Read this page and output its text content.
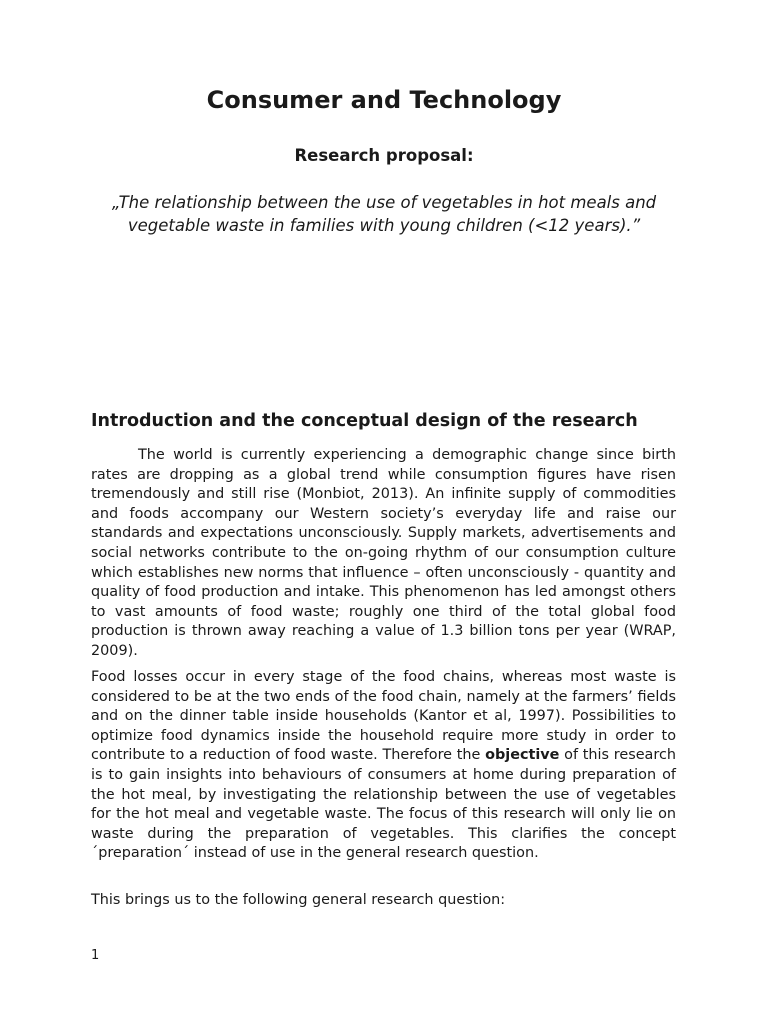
Consumer and Technology
Research proposal:
„The relationship between the use of vegetables in hot meals and vegetable waste in families with young children (<12 years).”
Introduction and the conceptual design of the research
The world is currently experiencing a demographic change since birth rates are dropping as a global trend while consumption figures have risen tremendously and still rise (Monbiot, 2013). An infinite supply of commodities and foods accompany our Western society’s everyday life and raise our standards and expectations unconsciously. Supply markets, advertisements and social networks contribute to the on-going rhythm of our consumption culture which establishes new norms that influence – often unconsciously - quantity and quality of food production and intake. This phenomenon has led amongst others to vast amounts of food waste; roughly one third of the total global food production is thrown away reaching a value of 1.3 billion tons per year (WRAP, 2009).
Food losses occur in every stage of the food chains, whereas most waste is considered to be at the two ends of the food chain, namely at the farmers’ fields and on the dinner table inside households (Kantor et al, 1997). Possibilities to optimize food dynamics inside the household require more study in order to contribute to a reduction of food waste. Therefore the objective of this research is to gain insights into behaviours of consumers at home during preparation of the hot meal, by investigating the relationship between the use of vegetables for the hot meal and vegetable waste. The focus of this research will only lie on waste during the preparation of vegetables. This clarifies the concept ´preparation´ instead of use in the general research question.
This brings us to the following general research question:
1
